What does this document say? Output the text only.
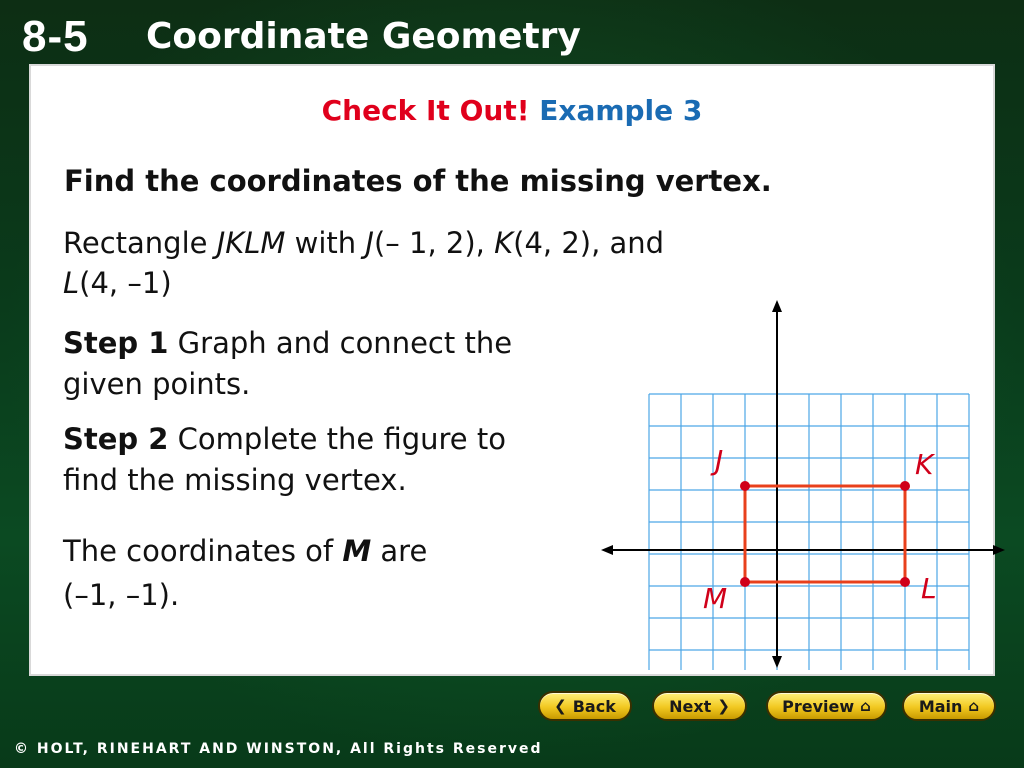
8-5 Coordinate Geometry
Check It Out! Example 3
Find the coordinates of the missing vertex.
Rectangle JKLM with J(– 1, 2), K(4, 2), and
L(4, –1)
Step 1 Graph and connect the given points.
Step 2 Complete the figure to find the missing vertex.
The coordinates of M are
(–1, –1).
J	K
L
M
❮ Back	Next ❯	Preview ⌂	Main ⌂
© HOLT, RINEHART AND WINSTON, All Rights Reserved
